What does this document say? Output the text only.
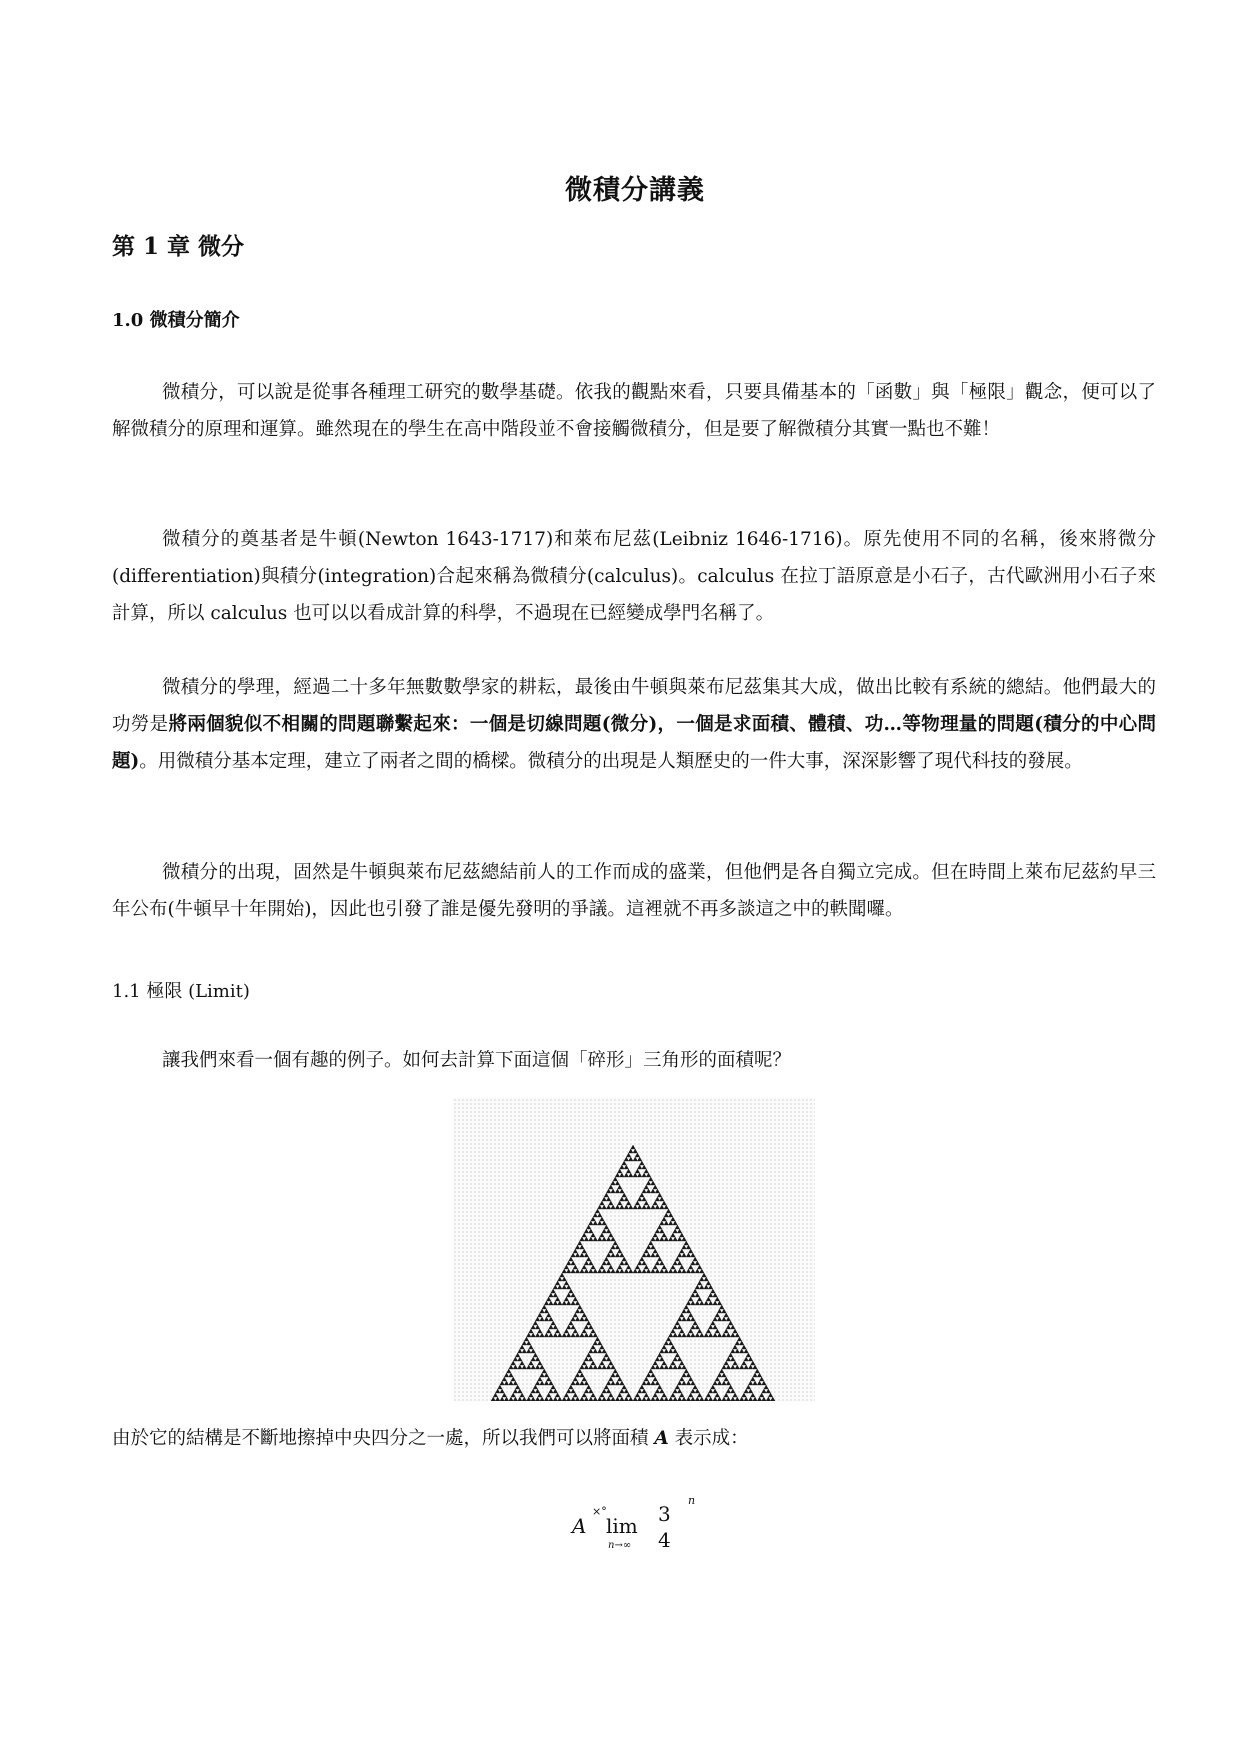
微積分講義
第 1 章 微分
1.0 微積分簡介

微積分，可以說是從事各種理工研究的數學基礎。依我的觀點來看，只要具備基本的「函數」與「極限」觀念，便可以了解微積分的原理和運算。雖然現在的學生在高中階段並不會接觸微積分，但是要了解微積分其實一點也不難！

微積分的奠基者是牛頓(Newton 1643-1717)和萊布尼茲(Leibniz 1646-1716)。原先使用不同的名稱，後來將微分(differentiation)與積分(integration)合起來稱為微積分(calculus)。calculus 在拉丁語原意是小石子，古代歐洲用小石子來計算，所以 calculus 也可以以看成計算的科學，不過現在已經變成學門名稱了。

微積分的學理，經過二十多年無數數學家的耕耘，最後由牛頓與萊布尼茲集其大成，做出比較有系統的總結。他們最大的功勞是將兩個貌似不相關的問題聯繫起來：一個是切線問題(微分)，一個是求面積、體積、功…等物理量的問題(積分的中心問題)。用微積分基本定理，建立了兩者之間的橋樑。微積分的出現是人類歷史的一件大事，深深影響了現代科技的發展。

微積分的出現，固然是牛頓與萊布尼茲總結前人的工作而成的盛業，但他們是各自獨立完成。但在時間上萊布尼茲約早三年公布(牛頓早十年開始)，因此也引發了誰是優先發明的爭議。這裡就不再多談這之中的軼聞囉。

1.1 極限 (Limit)

讓我們來看一個有趣的例子。如何去計算下面這個「碎形」三角形的面積呢？

由於它的結構是不斷地擦掉中央四分之一處，所以我們可以將面積 A 表示成：

A
×°
lim
n→∞
3
4
n
